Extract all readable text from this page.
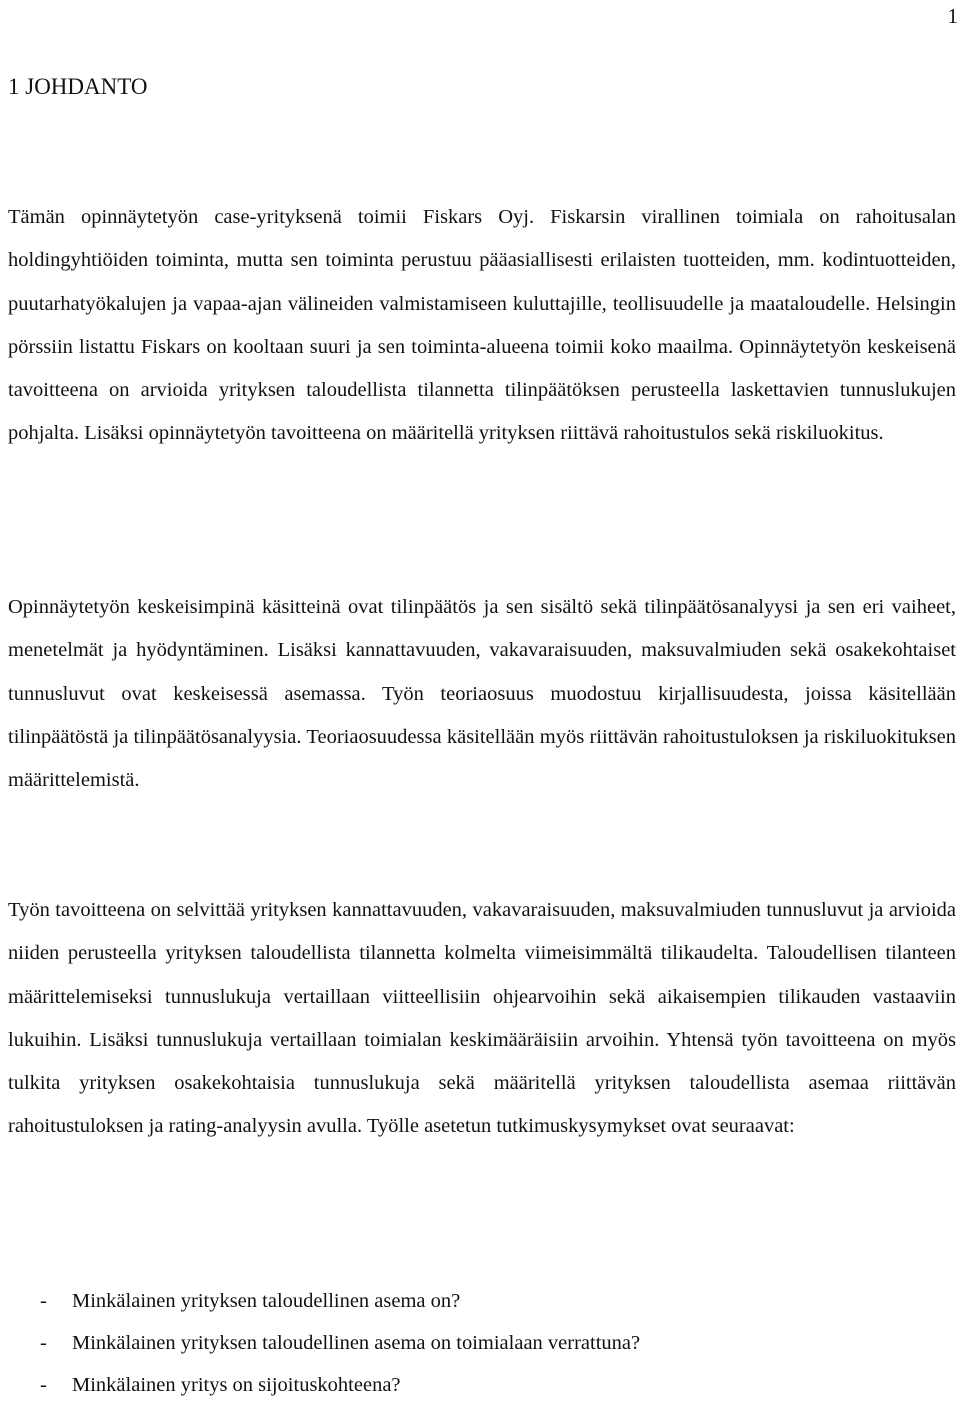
1
1 JOHDANTO

Tämän opinnäytetyön case-yrityksenä toimii Fiskars Oyj. Fiskarsin virallinen toimiala on rahoitusalan holdingyhtiöiden toiminta, mutta sen toiminta perustuu pääasiallisesti erilaisten tuotteiden, mm. kodintuotteiden, puutarhatyökalujen ja vapaa-ajan välineiden valmistamiseen kuluttajille, teollisuudelle ja maataloudelle. Helsingin pörssiin listattu Fiskars on kooltaan suuri ja sen toiminta-alueena toimii koko maailma. Opinnäytetyön keskeisenä tavoitteena on arvioida yrityksen taloudellista tilannetta tilinpäätöksen perusteella laskettavien tunnuslukujen pohjalta. Lisäksi opinnäytetyön tavoitteena on määritellä yrityksen riittävä rahoitustulos sekä riskiluokitus.

Opinnäytetyön keskeisimpinä käsitteinä ovat tilinpäätös ja sen sisältö sekä tilinpäätösanalyysi ja sen eri vaiheet, menetelmät ja hyödyntäminen. Lisäksi kannattavuuden, vakavaraisuuden, maksuvalmiuden sekä osakekohtaiset tunnusluvut ovat keskeisessä asemassa. Työn teoriaosuus muodostuu kirjallisuudesta, joissa käsitellään tilinpäätöstä ja tilinpäätösanalyysia. Teoriaosuudessa käsitellään myös riittävän rahoitustuloksen ja riskiluokituksen määrittelemistä.

Työn tavoitteena on selvittää yrityksen kannattavuuden, vakavaraisuuden, maksuvalmiuden tunnusluvut ja arvioida niiden perusteella yrityksen taloudellista tilannetta kolmelta viimeisimmältä tilikaudelta. Taloudellisen tilanteen määrittelemiseksi tunnuslukuja vertaillaan viitteellisiin ohjearvoihin sekä aikaisempien tilikauden vastaaviin lukuihin. Lisäksi tunnuslukuja vertaillaan toimialan keskimääräisiin arvoihin. Yhtensä työn tavoitteena on myös tulkita yrityksen osakekohtaisia tunnuslukuja sekä määritellä yrityksen taloudellista asemaa riittävän rahoitustuloksen ja rating-analyysin avulla. Työlle asetetun tutkimuskysymykset ovat seuraavat:

-	Minkälainen yrityksen taloudellinen asema on?
-	Minkälainen yrityksen taloudellinen asema on toimialaan verrattuna?
-	Minkälainen yritys on sijoituskohteena?
